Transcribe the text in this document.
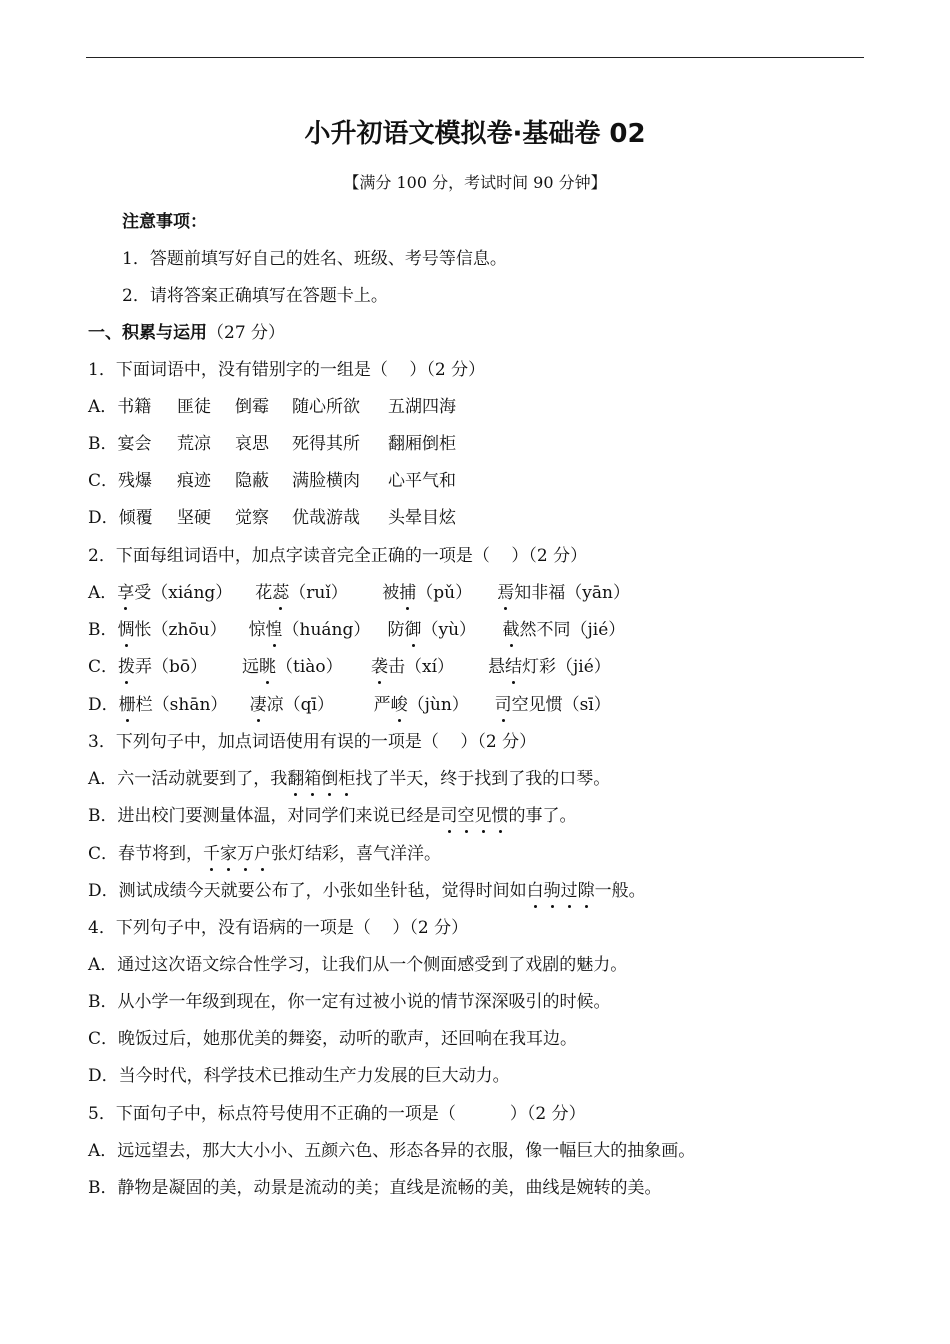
小升初语文模拟卷·基础卷 02
【满分 100 分，考试时间 90 分钟】
注意事项：
1．答题前填写好自己的姓名、班级、考号等信息。
2．请将答案正确填写在答题卡上。
一、积累与运用（27 分）
1．下面词语中，没有错别字的一组是（    ）（2 分）
A．书籍 匪徒 倒霉 随心所欲 五湖四海
B．宴会 荒凉 哀思 死得其所 翻厢倒柜
C．残爆 痕迹 隐蔽 满脸横肉 心平气和
D．倾覆 坚硬 觉察 优哉游哉 头晕目炫
2．下面每组词语中，加点字读音完全正确的一项是（    ）（2 分）
A．享受（xiáng） 花蕊（ruǐ） 被捕（pǔ） 焉知非福（yān）
B．惆怅（zhōu） 惊惶（huáng） 防御（yù） 截然不同（jié）
C．拨弄（bō） 远眺（tiào） 袭击（xí） 悬结灯彩（jié）
D．栅栏（shān） 凄凉（qī） 严峻（jùn） 司空见惯（sī）
3．下列句子中，加点词语使用有误的一项是（    ）（2 分）
A．六一活动就要到了，我翻箱倒柜找了半天，终于找到了我的口琴。
B．进出校门要测量体温，对同学们来说已经是司空见惯的事了。
C．春节将到，千家万户张灯结彩，喜气洋洋。
D．测试成绩今天就要公布了，小张如坐针毡，觉得时间如白驹过隙一般。
4．下列句子中，没有语病的一项是（    ）（2 分）
A．通过这次语文综合性学习，让我们从一个侧面感受到了戏剧的魅力。
B．从小学一年级到现在，你一定有过被小说的情节深深吸引的时候。
C．晚饭过后，她那优美的舞姿，动听的歌声，还回响在我耳边。
D．当今时代，科学技术已推动生产力发展的巨大动力。
5．下面句子中，标点符号使用不正确的一项是（          ）（2 分）
A．远远望去，那大大小小、五颜六色、形态各异的衣服，像一幅巨大的抽象画。
B．静物是凝固的美，动景是流动的美；直线是流畅的美，曲线是婉转的美。
